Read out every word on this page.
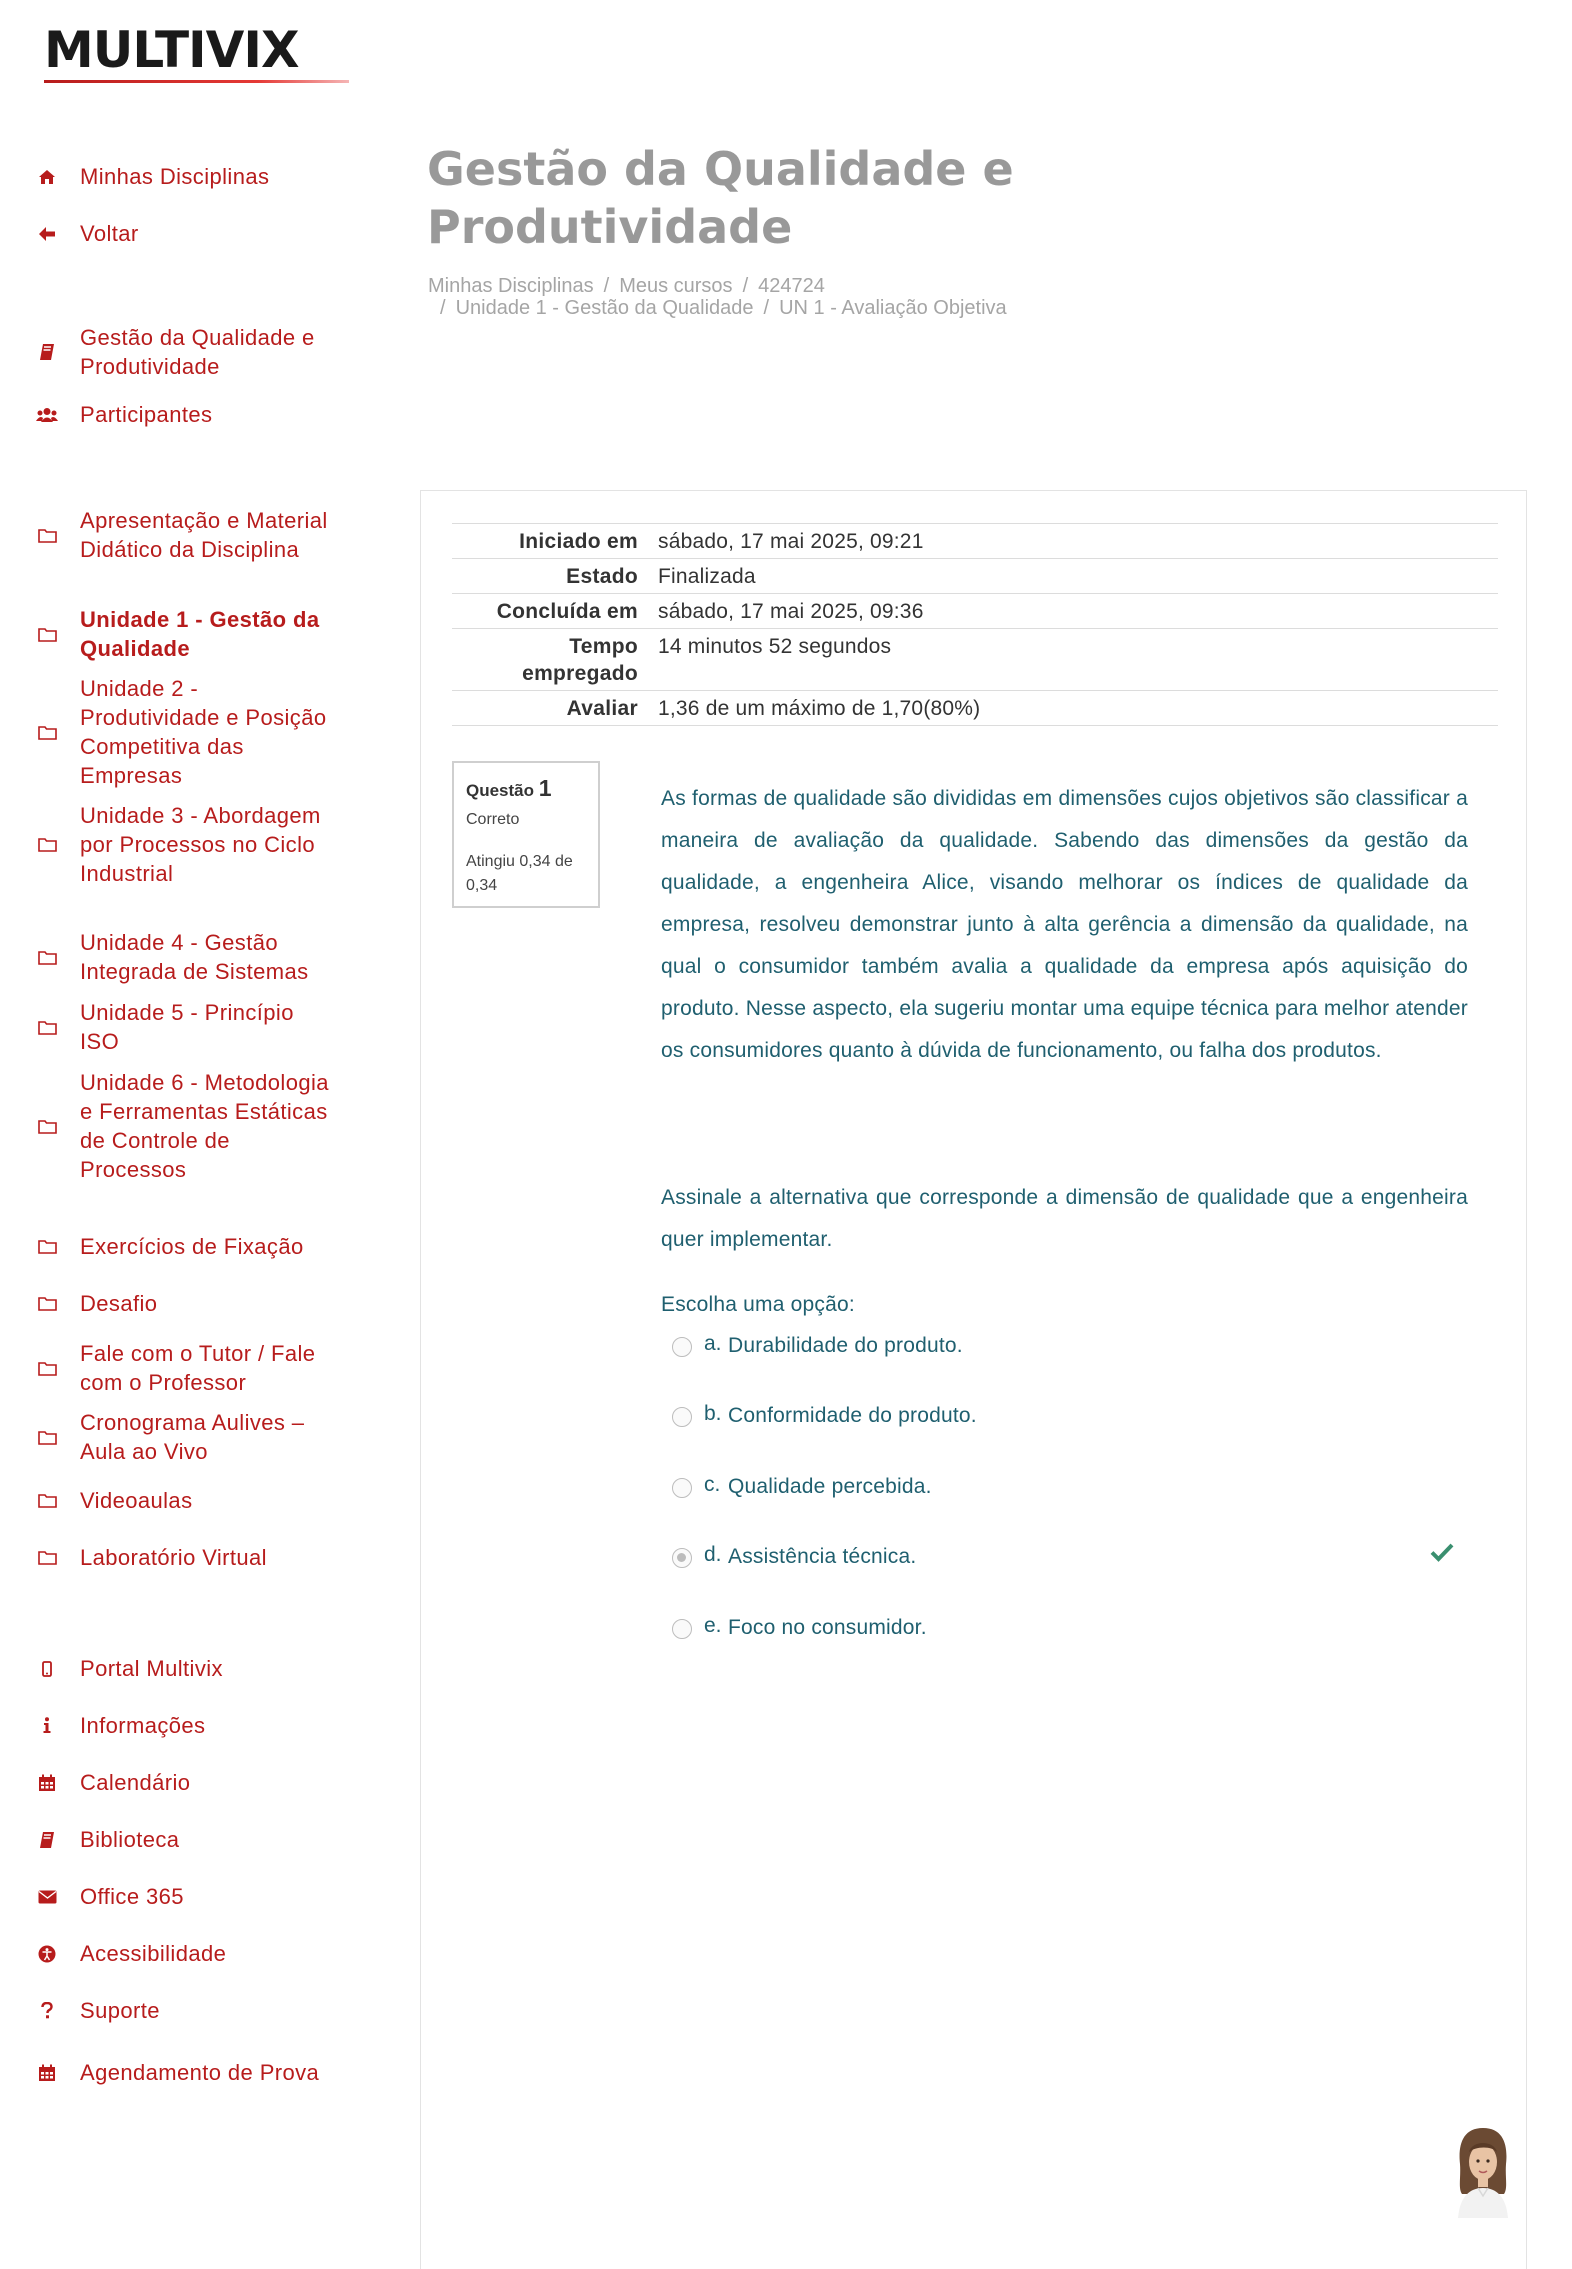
MULTIVIX
Minhas Disciplinas
Voltar
Gestão da Qualidade e Produtividade
Participantes
Apresentação e Material Didático da Disciplina
Unidade 1 - Gestão da Qualidade
Unidade 2 - Produtividade e Posição Competitiva das Empresas
Unidade 3 - Abordagem por Processos no Ciclo Industrial
Unidade 4 - Gestão Integrada de Sistemas
Unidade 5 - Princípio ISO
Unidade 6 - Metodologia e Ferramentas Estáticas de Controle de Processos
Exercícios de Fixação
Desafio
Fale com o Tutor / Fale com o Professor
Cronograma Aulives – Aula ao Vivo
Videoaulas
Laboratório Virtual
Portal Multivix
Informações
Calendário
Biblioteca
Office 365
Acessibilidade
Suporte
Agendamento de Prova
Gestão da Qualidade e Produtividade
Minhas Disciplinas / Meus cursos / 424724
/ Unidade 1 - Gestão da Qualidade / UN 1 - Avaliação Objetiva
Iniciado em	sábado, 17 mai 2025, 09:21
Estado	Finalizada
Concluída em	sábado, 17 mai 2025, 09:36
Tempo empregado	14 minutos 52 segundos
Avaliar	1,36 de um máximo de 1,70(80%)
Questão 1
Correto
Atingiu 0,34 de 0,34

As formas de qualidade são divididas em dimensões cujos objetivos são classificar a maneira de avaliação da qualidade. Sabendo das dimensões da gestão da qualidade, a engenheira Alice, visando melhorar os índices de qualidade da empresa, resolveu demonstrar junto à alta gerência a dimensão da qualidade, na qual o consumidor também avalia a qualidade da empresa após aquisição do produto. Nesse aspecto, ela sugeriu montar uma equipe técnica para melhor atender os consumidores quanto à dúvida de funcionamento, ou falha dos produtos.

Assinale a alternativa que corresponde a dimensão de qualidade que a engenheira quer implementar.

Escolha uma opção:
a. Durabilidade do produto.
b. Conformidade do produto.
c. Qualidade percebida.
d. Assistência técnica.
e. Foco no consumidor.
